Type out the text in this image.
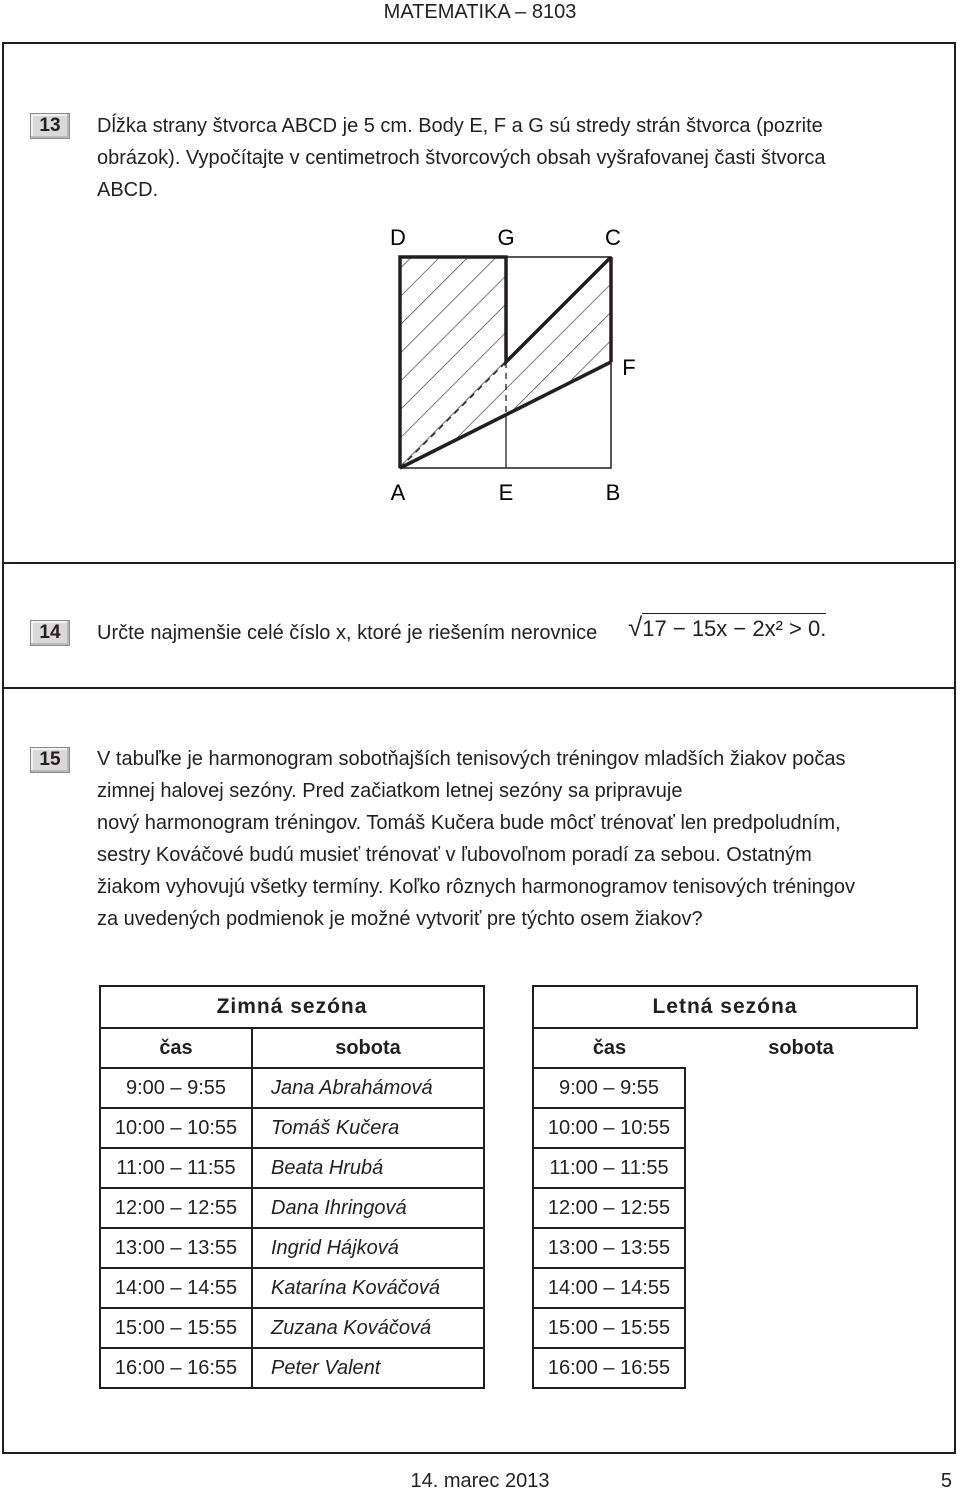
MATEMATIKA – 8103
13	Dĺžka strany štvorca ABCD je 5 cm. Body E, F a G sú stredy strán štvorca (pozrite
obrázok). Vypočítajte v centimetroch štvorcových obsah vyšrafovanej časti štvorca
ABCD.
D	G	C
F
A	E	B
14	Určte najmenšie celé číslo x, ktoré je riešením nerovnice	√17 − 15x − 2x² > 0.
15	V tabuľke je harmonogram sobotňajších tenisových tréningov mladších žiakov počas
zimnej halovej sezóny. Pred začiatkom letnej sezóny sa pripravuje
nový harmonogram tréningov. Tomáš Kučera bude môcť trénovať len predpoludním,
sestry Kováčové budú musieť trénovať v ľubovoľnom poradí za sebou. Ostatným
žiakom vyhovujú všetky termíny. Koľko rôznych harmonogramov tenisových tréningov
za uvedených podmienok je možné vytvoriť pre týchto osem žiakov?
Zimná sezóna	
čas	sobota
9:00 – 9:55	Jana Abrahámová
10:00 – 10:55	Tomáš Kučera
11:00 – 11:55	Beata Hrubá
12:00 – 12:55	Dana Ihringová
13:00 – 13:55	Ingrid Hájková
14:00 – 14:55	Katarína Kováčová
15:00 – 15:55	Zuzana Kováčová
16:00 – 16:55	Peter Valent
Letná sezóna	
čas	sobota
9:00 – 9:55	
10:00 – 10:55	
11:00 – 11:55	
12:00 – 12:55	
13:00 – 13:55	
14:00 – 14:55	
15:00 – 15:55	
16:00 – 16:55	
14. marec 2013	5
